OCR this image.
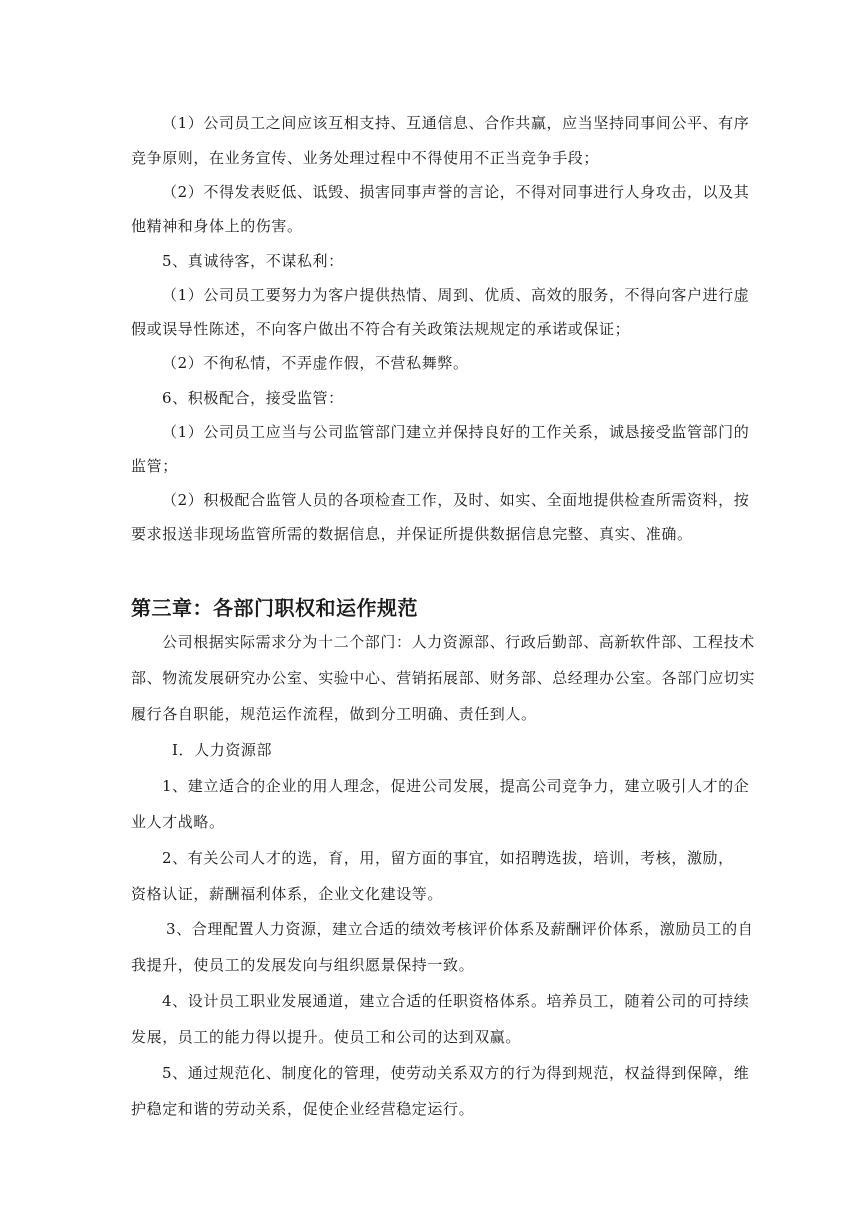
（1）公司员工之间应该互相支持、互通信息、合作共赢，应当坚持同事间公平、有序
竞争原则，在业务宣传、业务处理过程中不得使用不正当竞争手段；
（2）不得发表贬低、诋毁、损害同事声誉的言论，不得对同事进行人身攻击，以及其
他精神和身体上的伤害。
5、真诚待客，不谋私利：
（1）公司员工要努力为客户提供热情、周到、优质、高效的服务，不得向客户进行虚
假或误导性陈述，不向客户做出不符合有关政策法规规定的承诺或保证；
（2）不徇私情，不弄虚作假，不营私舞弊。
6、积极配合，接受监管：
（1）公司员工应当与公司监管部门建立并保持良好的工作关系，诚恳接受监管部门的
监管；
（2）积极配合监管人员的各项检查工作，及时、如实、全面地提供检查所需资料，按
要求报送非现场监管所需的数据信息，并保证所提供数据信息完整、真实、准确。
第三章：各部门职权和运作规范
公司根据实际需求分为十二个部门：人力资源部、行政后勤部、高新软件部、工程技术
部、物流发展研究办公室、实验中心、营销拓展部、财务部、总经理办公室。各部门应切实
履行各自职能，规范运作流程，做到分工明确、责任到人。
Ⅰ．人力资源部
1、建立适合的企业的用人理念，促进公司发展，提高公司竞争力，建立吸引人才的企
业人才战略。
2、有关公司人才的选，育，用，留方面的事宜，如招聘选拔，培训，考核，激励，
资格认证，薪酬福利体系，企业文化建设等。
3、合理配置人力资源，建立合适的绩效考核评价体系及薪酬评价体系，激励员工的自
我提升，使员工的发展发向与组织愿景保持一致。
4、设计员工职业发展通道，建立合适的任职资格体系。培养员工，随着公司的可持续
发展，员工的能力得以提升。使员工和公司的达到双赢。
5、通过规范化、制度化的管理，使劳动关系双方的行为得到规范，权益得到保障，维
护稳定和谐的劳动关系，促使企业经营稳定运行。
